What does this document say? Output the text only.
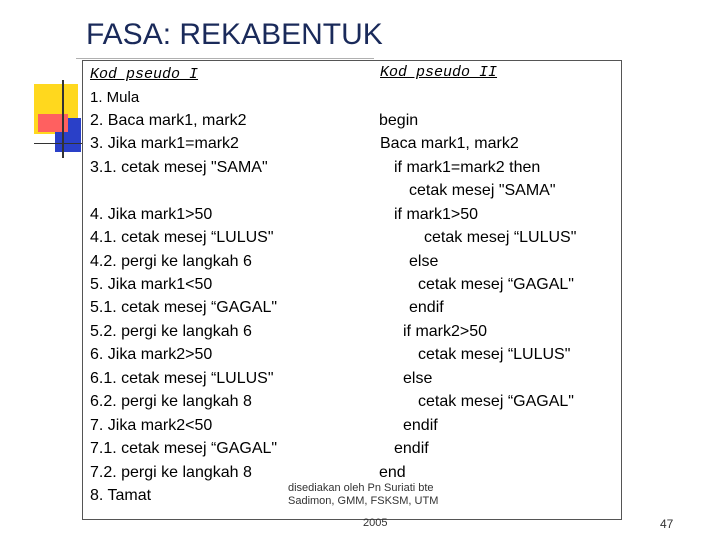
FASA: REKABENTUK
Kod pseudo I	Kod pseudo II

1. Mula

2. Baca mark1, mark2

3. Jika mark1=mark2

3.1. cetak mesej "SAMA"

4. Jika mark1>50

4.1. cetak mesej “LULUS"

4.2. pergi ke langkah 6

5. Jika mark1<50

5.1. cetak mesej “GAGAL"

5.2. pergi ke langkah 6

6. Jika mark2>50

6.1. cetak mesej “LULUS"

6.2. pergi ke langkah 8

7. Jika mark2<50

7.1. cetak mesej “GAGAL"

7.2. pergi ke langkah 8

8. Tamat

begin

Baca mark1, mark2

if mark1=mark2 then

cetak mesej "SAMA"

if mark1>50

cetak mesej “LULUS"

else

cetak mesej “GAGAL"

endif

if mark2>50

cetak mesej “LULUS"

else

cetak mesej “GAGAL"

endif

endif

end

disediakan oleh Pn Suriati bte
Sadimon, GMM, FSKSM, UTM
2005	47
